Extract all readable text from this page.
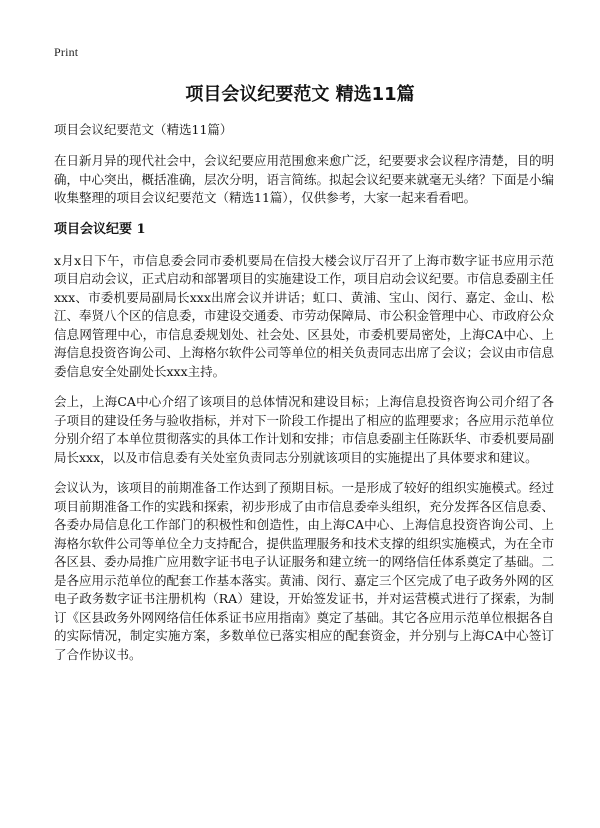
Print
项目会议纪要范文 精选11篇

项目会议纪要范文（精选11篇）

在日新月异的现代社会中，会议纪要应用范围愈来愈广泛，纪要要求会议程序清楚，目的明确，中心突出，概括准确，层次分明，语言简练。拟起会议纪要来就毫无头绪？下面是小编收集整理的项目会议纪要范文（精选11篇），仅供参考，大家一起来看看吧。

项目会议纪要 1

x月x日下午，市信息委会同市委机要局在信投大楼会议厅召开了上海市数字证书应用示范项目启动会议，正式启动和部署项目的实施建设工作，项目启动会议纪要。市信息委副主任xxx、市委机要局副局长xxx出席会议并讲话；虹口、黄浦、宝山、闵行、嘉定、金山、松江、奉贤八个区的信息委，市建设交通委、市劳动保障局、市公积金管理中心、市政府公众信息网管理中心，市信息委规划处、社会处、区县处，市委机要局密处，上海CA中心、上海信息投资咨询公司、上海格尔软件公司等单位的相关负责同志出席了会议；会议由市信息委信息安全处副处长xxx主持。

会上，上海CA中心介绍了该项目的总体情况和建设目标；上海信息投资咨询公司介绍了各子项目的建设任务与验收指标，并对下一阶段工作提出了相应的监理要求；各应用示范单位分别介绍了本单位贯彻落实的具体工作计划和安排；市信息委副主任陈跃华、市委机要局副局长xxx，以及市信息委有关处室负责同志分别就该项目的实施提出了具体要求和建议。

会议认为，该项目的前期准备工作达到了预期目标。一是形成了较好的组织实施模式。经过项目前期准备工作的实践和探索，初步形成了由市信息委牵头组织，充分发挥各区信息委、各委办局信息化工作部门的积极性和创造性，由上海CA中心、上海信息投资咨询公司、上海格尔软件公司等单位全力支持配合，提供监理服务和技术支撑的组织实施模式，为在全市各区县、委办局推广应用数字证书电子认证服务和建立统一的网络信任体系奠定了基础。二是各应用示范单位的配套工作基本落实。黄浦、闵行、嘉定三个区完成了电子政务外网的区电子政务数字证书注册机构（RA）建设，开始签发证书，并对运营模式进行了探索，为制订《区县政务外网网络信任体系证书应用指南》奠定了基础。其它各应用示范单位根据各自的实际情况，制定实施方案，多数单位已落实相应的配套资金，并分别与上海CA中心签订了合作协议书。
